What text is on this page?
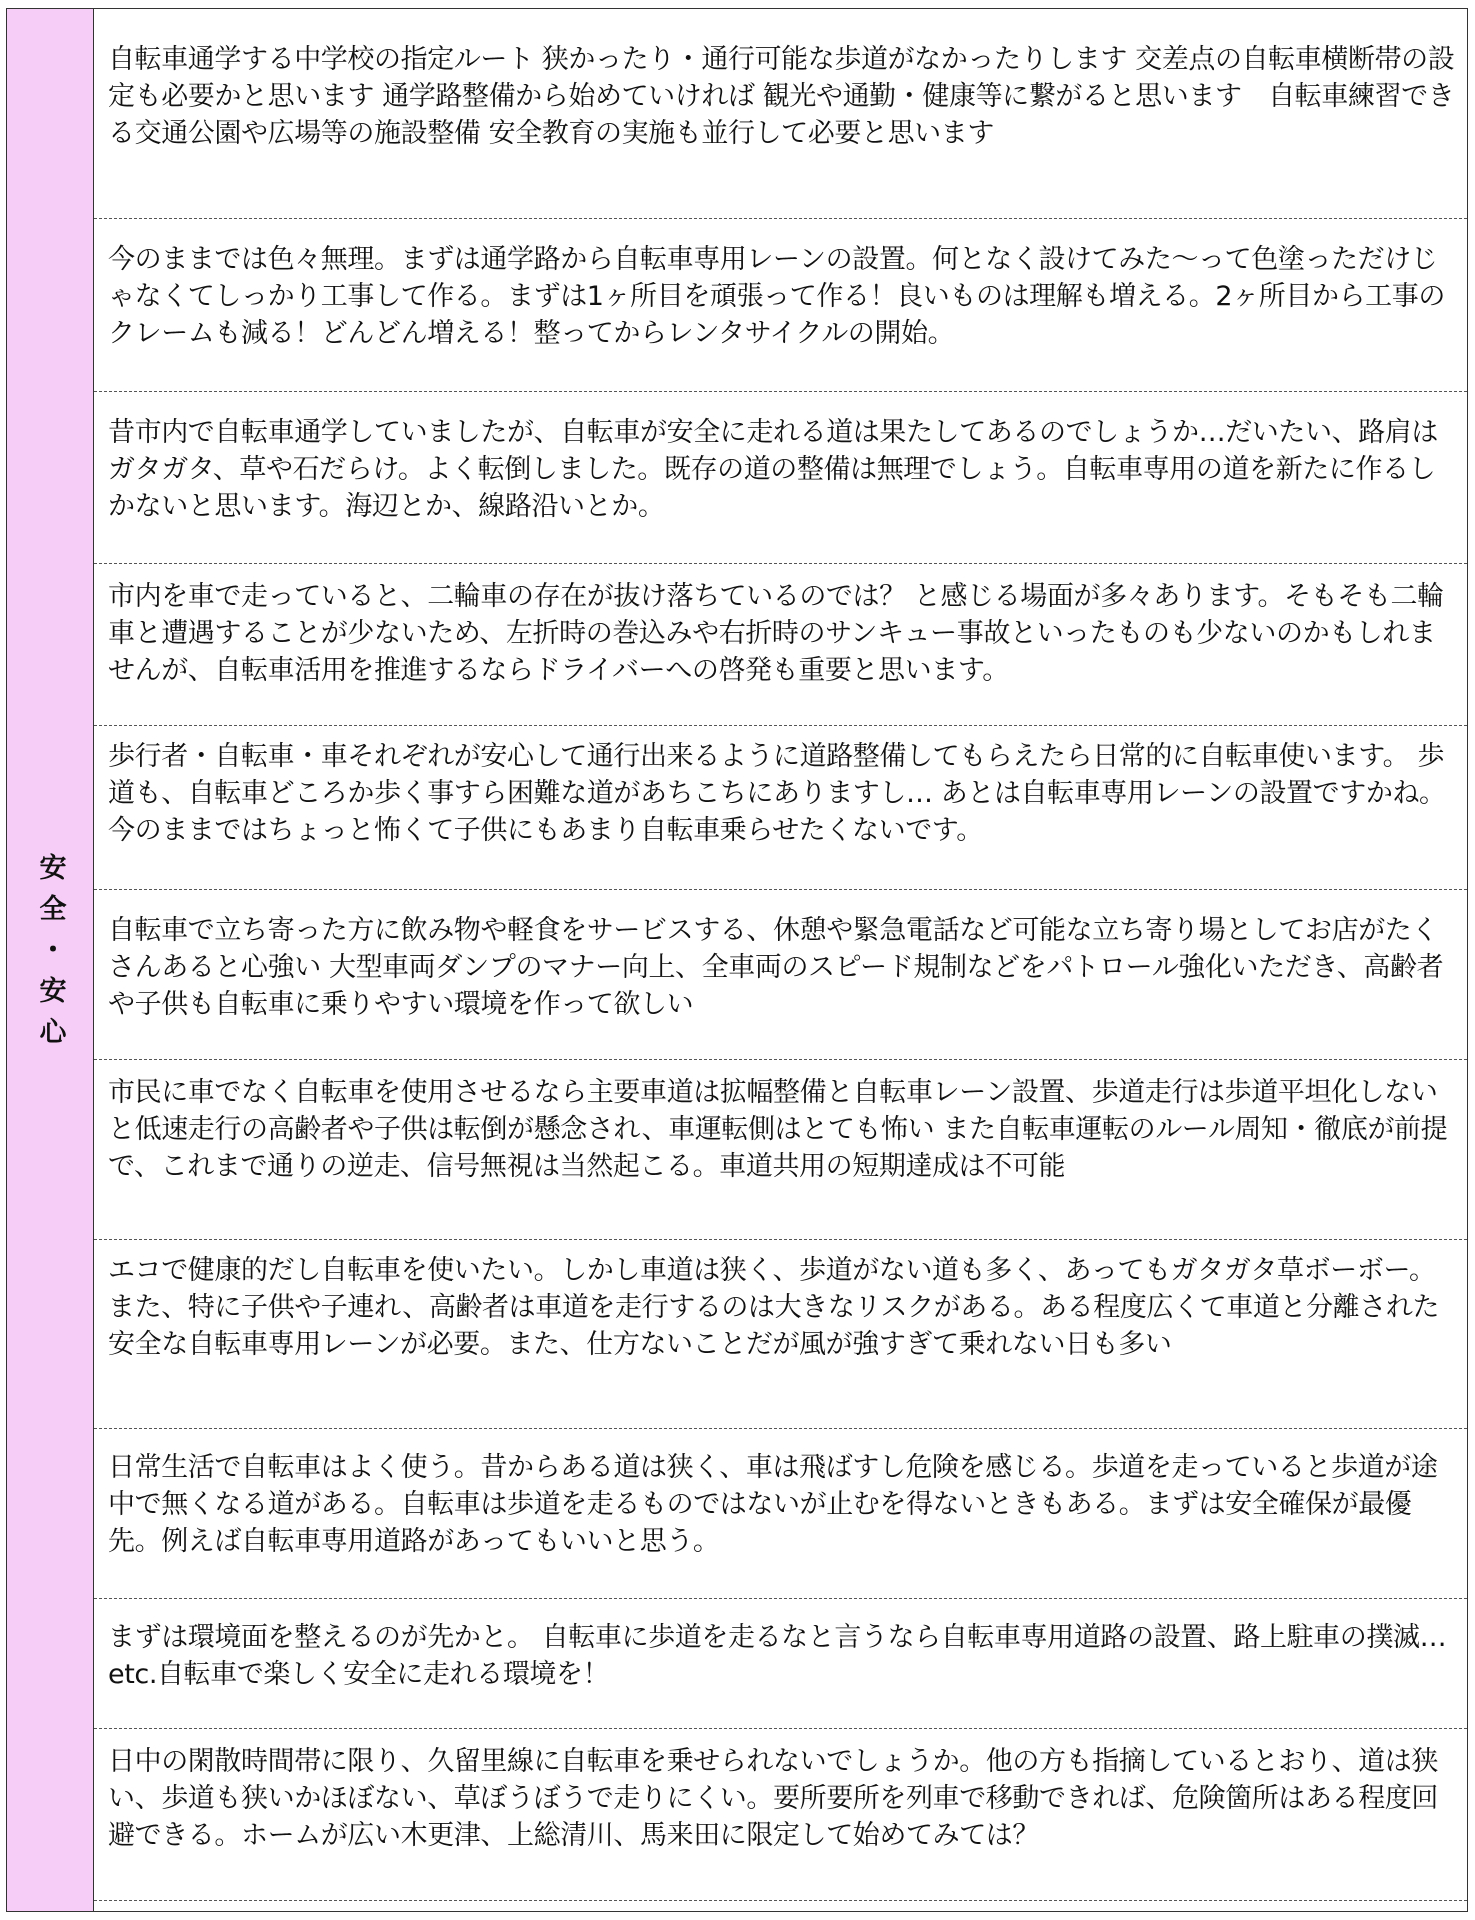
安全・安心
自転車通学する中学校の指定ルート 狭かったり・通行可能な歩道がなかったりします 交差点の自転車横断帯の設定も必要かと思います 通学路整備から始めていければ 観光や通勤・健康等に繋がると思います　自転車練習できる交通公園や広場等の施設整備 安全教育の実施も並行して必要と思います
今のままでは色々無理。まずは通学路から自転車専用レーンの設置。何となく設けてみた～って色塗っただけじゃなくてしっかり工事して作る。まずは1ヶ所目を頑張って作る！良いものは理解も増える。2ヶ所目から工事のクレームも減る！どんどん増える！整ってからレンタサイクルの開始。
昔市内で自転車通学していましたが、自転車が安全に走れる道は果たしてあるのでしょうか…だいたい、路肩はガタガタ、草や石だらけ。よく転倒しました。既存の道の整備は無理でしょう。自転車専用の道を新たに作るしかないと思います。海辺とか、線路沿いとか。
市内を車で走っていると、二輪車の存在が抜け落ちているのでは？ と感じる場面が多々あります。そもそも二輪車と遭遇することが少ないため、左折時の巻込みや右折時のサンキュー事故といったものも少ないのかもしれませんが、自転車活用を推進するならドライバーへの啓発も重要と思います。
歩行者・自転車・車それぞれが安心して通行出来るように道路整備してもらえたら日常的に自転車使います。 歩道も、自転車どころか歩く事すら困難な道があちこちにありますし… あとは自転車専用レーンの設置ですかね。 今のままではちょっと怖くて子供にもあまり自転車乗らせたくないです。
自転車で立ち寄った方に飲み物や軽食をサービスする、休憩や緊急電話など可能な立ち寄り場としてお店がたくさんあると心強い 大型車両ダンプのマナー向上、全車両のスピード規制などをパトロール強化いただき、高齢者や子供も自転車に乗りやすい環境を作って欲しい
市民に車でなく自転車を使用させるなら主要車道は拡幅整備と自転車レーン設置、歩道走行は歩道平坦化しないと低速走行の高齢者や子供は転倒が懸念され、車運転側はとても怖い また自転車運転のルール周知・徹底が前提で、これまで通りの逆走、信号無視は当然起こる。車道共用の短期達成は不可能
エコで健康的だし自転車を使いたい。しかし車道は狭く、歩道がない道も多く、あってもガタガタ草ボーボー。また、特に子供や子連れ、高齢者は車道を走行するのは大きなリスクがある。ある程度広くて車道と分離された安全な自転車専用レーンが必要。また、仕方ないことだが風が強すぎて乗れない日も多い
日常生活で自転車はよく使う。昔からある道は狭く、車は飛ばすし危険を感じる。歩道を走っていると歩道が途中で無くなる道がある。自転車は歩道を走るものではないが止むを得ないときもある。まずは安全確保が最優先。例えば自転車専用道路があってもいいと思う。
まずは環境面を整えるのが先かと。 自転車に歩道を走るなと言うなら自転車専用道路の設置、路上駐車の撲滅…etc.自転車で楽しく安全に走れる環境を！
日中の閑散時間帯に限り、久留里線に自転車を乗せられないでしょうか。他の方も指摘しているとおり、道は狭い、歩道も狭いかほぼない、草ぼうぼうで走りにくい。要所要所を列車で移動できれば、危険箇所はある程度回避できる。ホームが広い木更津、上総清川、馬来田に限定して始めてみては？
